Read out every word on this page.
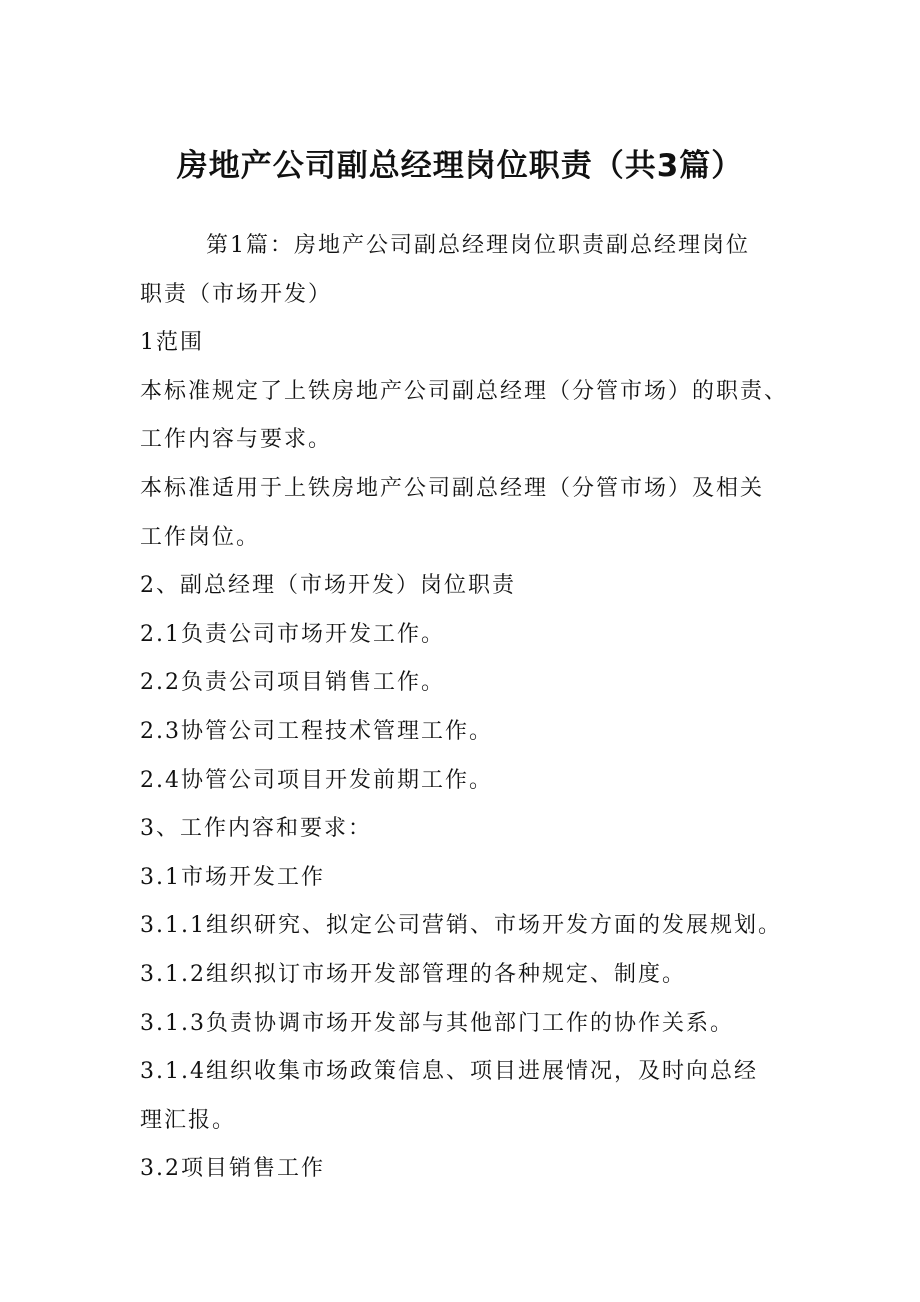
房地产公司副总经理岗位职责（共3篇）

第1篇：房地产公司副总经理岗位职责副总经理岗位

职责（市场开发）

1范围

本标准规定了上铁房地产公司副总经理（分管市场）的职责、

工作内容与要求。

本标准适用于上铁房地产公司副总经理（分管市场）及相关

工作岗位。

2、副总经理（市场开发）岗位职责

2.1负责公司市场开发工作。

2.2负责公司项目销售工作。

2.3协管公司工程技术管理工作。

2.4协管公司项目开发前期工作。

3、工作内容和要求：

3.1市场开发工作

3.1.1组织研究、拟定公司营销、市场开发方面的发展规划。

3.1.2组织拟订市场开发部管理的各种规定、制度。

3.1.3负责协调市场开发部与其他部门工作的协作关系。

3.1.4组织收集市场政策信息、项目进展情况，及时向总经

理汇报。

3.2项目销售工作
